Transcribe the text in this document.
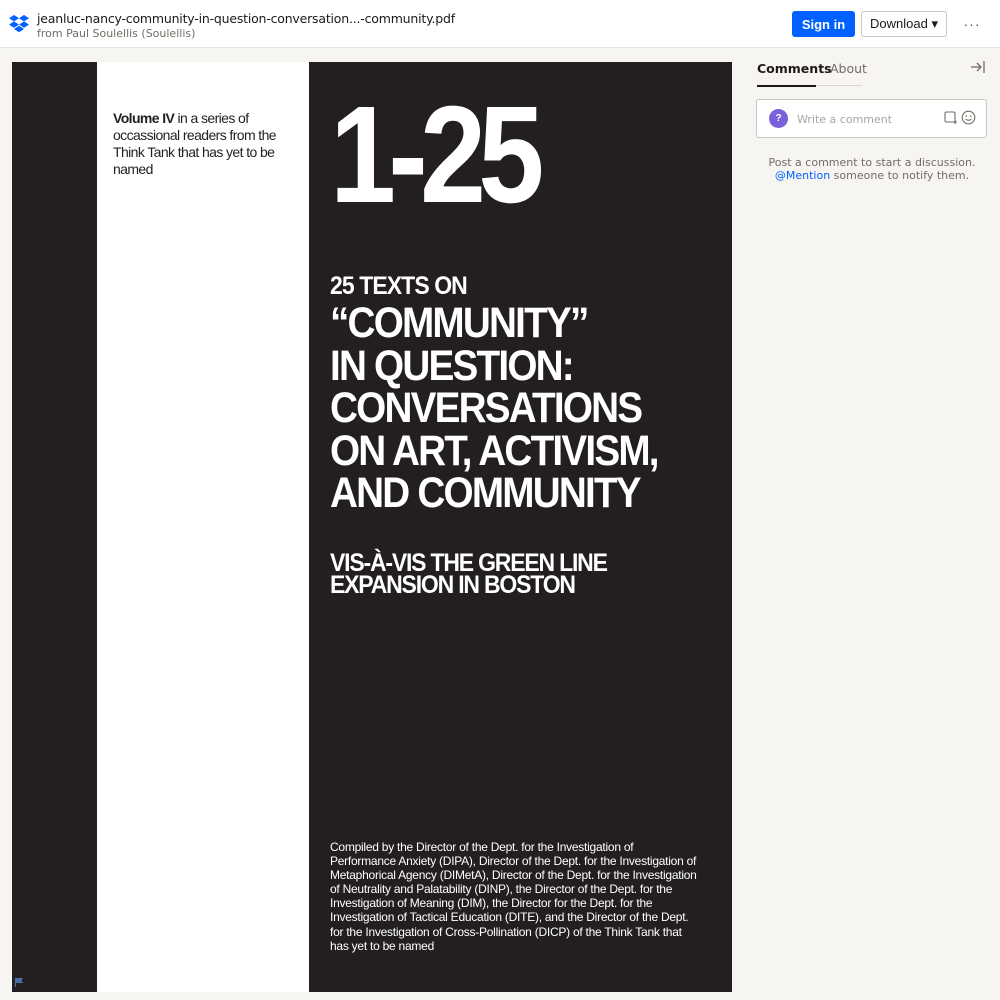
jeanluc-nancy-community-in-question-conversation...-community.pdf
from Paul Soulellis (Soulellis)
Sign in	Download ▾	···
Volume IV in a series of occassional readers from the Think Tank that has yet to be named	1-25
25 TEXTS ON
“COMMUNITY”
IN QUESTION:
CONVERSATIONS
ON ART, ACTIVISM,
AND COMMUNITY
VIS-À-VIS THE GREEN LINE
EXPANSION IN BOSTON
Compiled by the Director of the Dept. for the Investigation of Performance Anxiety (DIPA), Director of the Dept. for the Investigation of Metaphorical Agency (DIMetA), Director of the Dept. for the Investigation of Neutrality and Palatability (DINP), the Director of the Dept. for the Investigation of Meaning (DIM), the Director for the Dept. for the Investigation of Tactical Education (DITE), and the Director of the Dept. for the Investigation of Cross-Pollination (DICP) of the Think Tank that has yet to be named
Comments
About
?
Write a comment
Post a comment to start a discussion.
@Mention someone to notify them.
